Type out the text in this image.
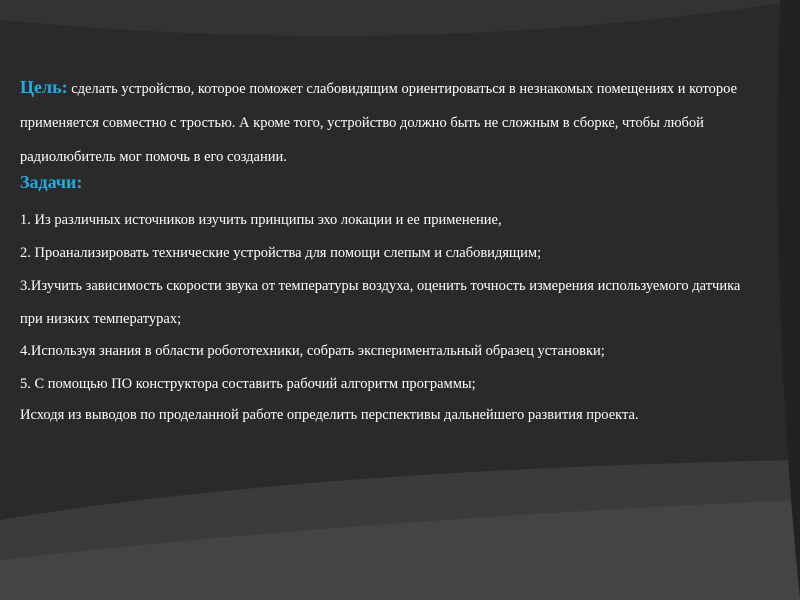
Цель: сделать устройство, которое поможет слабовидящим ориентироваться в незнакомых помещениях и которое применяется совместно с тростью. А кроме того, устройство должно быть не сложным в сборке, чтобы любой радиолюбитель мог помочь в его создании.
Задачи:
1. Из различных источников изучить принципы эхо локации и ее применение,
2. Проанализировать технические устройства для помощи слепым и слабовидящим;
3.Изучить зависимость скорости звука от температуры воздуха, оценить точность измерения используемого датчика при низких температурах;
4.Используя знания в области робототехники, собрать экспериментальный образец установки;
5. С помощью ПО конструктора составить рабочий алгоритм программы;
Исходя из выводов по проделанной работе определить перспективы дальнейшего развития проекта.
